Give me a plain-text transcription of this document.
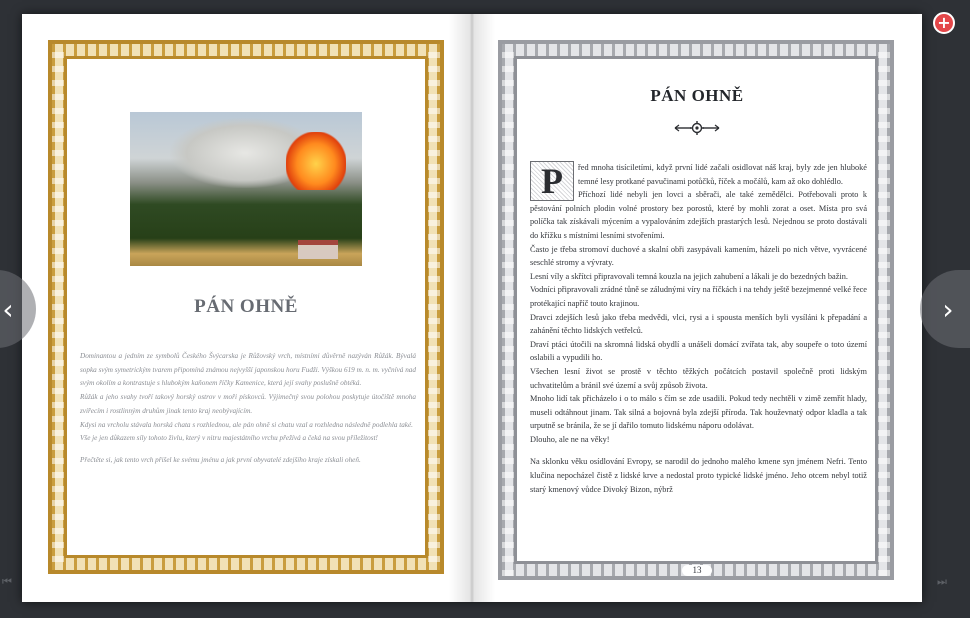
PÁN OHNĚ

Dominantou a jedním ze symbolů Českého Švýcarska je Růžovský vrch, místními důvěrně nazýván Růžák. Bývalá sopka svým symetrickým tvarem připomíná známou nejvyšší japonskou horu Fudži. Výškou 619 m. n. m. vyčnívá nad svým okolím a kontrastuje s hlubokým kaňonem říčky Kamenice, která její svahy poslušně obtéká.

Růžák a jeho svahy tvoří takový horský ostrov v moři pískovců. Výjimečný svou polohou poskytuje útočiště mnoha zvířecím i rostlinným druhům jinak tento kraj neobývajícím.

Kdysi na vrcholu stávala horská chata s rozhlednou, ale pán ohně si chatu vzal a rozhledna následně podlehla také.

Vše je jen důkazem síly tohoto živlu, který v nitru majestátního vrchu přežívá a čeká na svou příležitost!

Přečtěte si, jak tento vrch přišel ke svému jménu a jak první obyvatelé zdejšího kraje získali oheň.

PÁN OHNĚ

P	řed mnoha tisíciletími, když první lidé začali osidlovat náš kraj, byly zde jen hluboké temné lesy protkané pavučinami potůčků, říček a močálů, kam až oko dohlédlo.

Příchozí lidé nebyli jen lovci a sběrači, ale také zemědělci. Potřebovali proto k pěstování polních plodin volné prostory bez porostů, které by mohli zorat a oset. Místa pro svá políčka tak získávali mýcením a vypalováním zdejších prastarých lesů. Nejednou se proto dostávali do křížku s místními lesními stvořeními.

Často je třeba stromoví duchové a skalní obři zasypávali kamením, házeli po nich větve, vyvrácené seschlé stromy a vývraty.

Lesní víly a skřítci připravovali temná kouzla na jejich zahubení a lákali je do bezedných bažin.

Vodníci připravovali zrádné tůně se záludnými víry na říčkách i na tehdy ještě bezejmenné velké řece protékající napříč touto krajinou.

Dravci zdejších lesů jako třeba medvědi, vlci, rysi a i spousta menších byli vysíláni k přepadání a zahánění těchto lidských vetřelců.

Draví ptáci útočili na skromná lidská obydlí a unášeli domácí zvířata tak, aby soupeře o toto území oslabili a vypudili ho.

Všechen lesní život se prostě v těchto těžkých počátcích postavil společně proti lidským uchvatitelům a bránil své území a svůj způsob života.

Mnoho lidí tak přicházelo i o to málo s čím se zde usadili. Pokud tedy nechtěli v zimě zemřít hlady, museli odtáhnout jinam. Tak silná a bojovná byla zdejší příroda. Tak houževnatý odpor kladla a tak urputně se bránila, že se jí dařilo tomuto lidskému náporu odolávat.

Dlouho, ale ne na věky!

Na sklonku věku osídlování Evropy, se narodil do jednoho malého kmene syn jménem Nefri. Tento klučina nepocházel čistě z lidské krve a nedostal proto typické lidské jméno. Jeho otcem nebyl totiž starý kmenový vůdce Divoký Bizon, nýbrž

13
‹	›
+
⏮	⏭
